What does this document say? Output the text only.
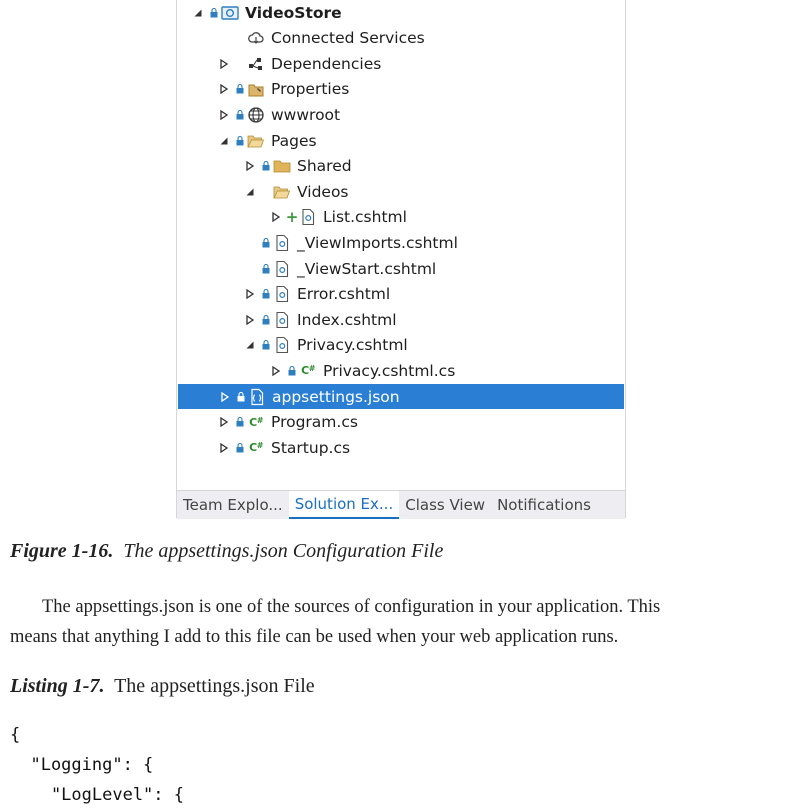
VideoStore
Connected Services
Dependencies
Properties
wwwroot
Pages
Shared
Videos
+ List.cshtml
_ViewImports.cshtml
_ViewStart.cshtml
Error.cshtml
Index.cshtml
Privacy.cshtml
C# Privacy.cshtml.cs
appsettings.json
C# Program.cs
C# Startup.cs
Team Explo... Solution Ex... Class View Notifications
Figure 1-16. The appsettings.json Configuration File
The appsettings.json is one of the sources of configuration in your application. This
means that anything I add to this file can be used when your web application runs.
Listing 1-7. The appsettings.json File
{
"Logging": {
"LogLevel": {
